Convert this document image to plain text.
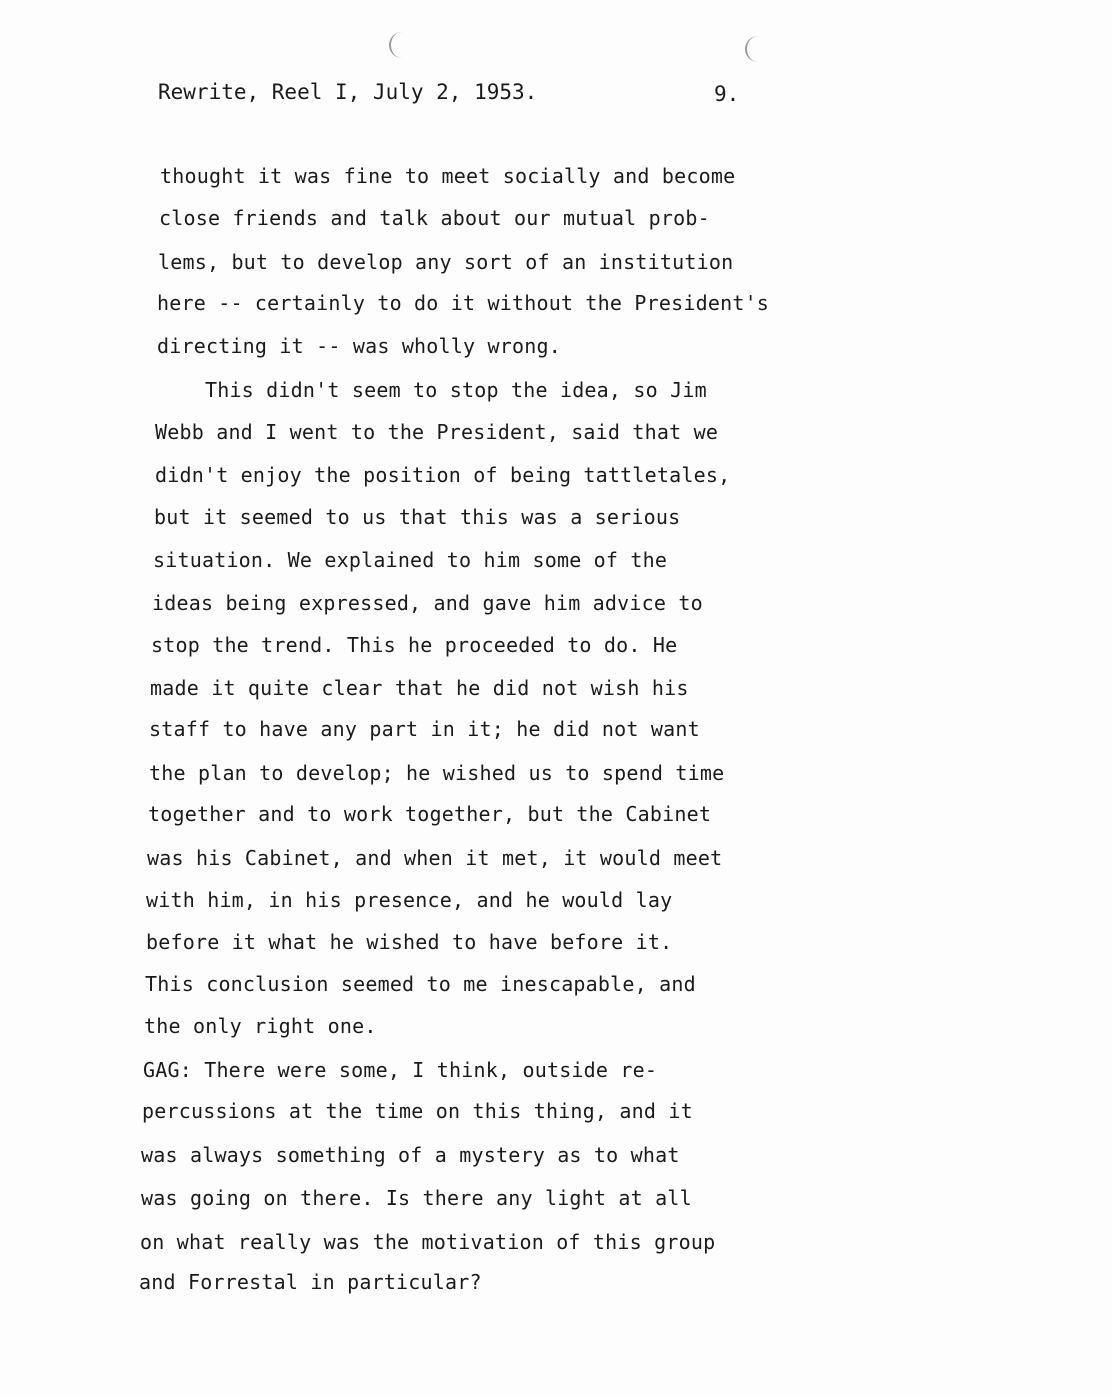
Rewrite, Reel I, July 2, 1953.	9.
thought it was fine to meet socially and become
close friends and talk about our mutual prob-
lems, but to develop any sort of an institution
here -- certainly to do it without the President's
directing it -- was wholly wrong.
This didn't seem to stop the idea, so Jim
Webb and I went to the President, said that we
didn't enjoy the position of being tattletales,
but it seemed to us that this was a serious
situation. We explained to him some of the
ideas being expressed, and gave him advice to
stop the trend. This he proceeded to do. He
made it quite clear that he did not wish his
staff to have any part in it; he did not want
the plan to develop; he wished us to spend time
together and to work together, but the Cabinet
was his Cabinet, and when it met, it would meet
with him, in his presence, and he would lay
before it what he wished to have before it.
This conclusion seemed to me inescapable, and
the only right one.
GAG: There were some, I think, outside re-
percussions at the time on this thing, and it
was always something of a mystery as to what
was going on there. Is there any light at all
on what really was the motivation of this group
and Forrestal in particular?
